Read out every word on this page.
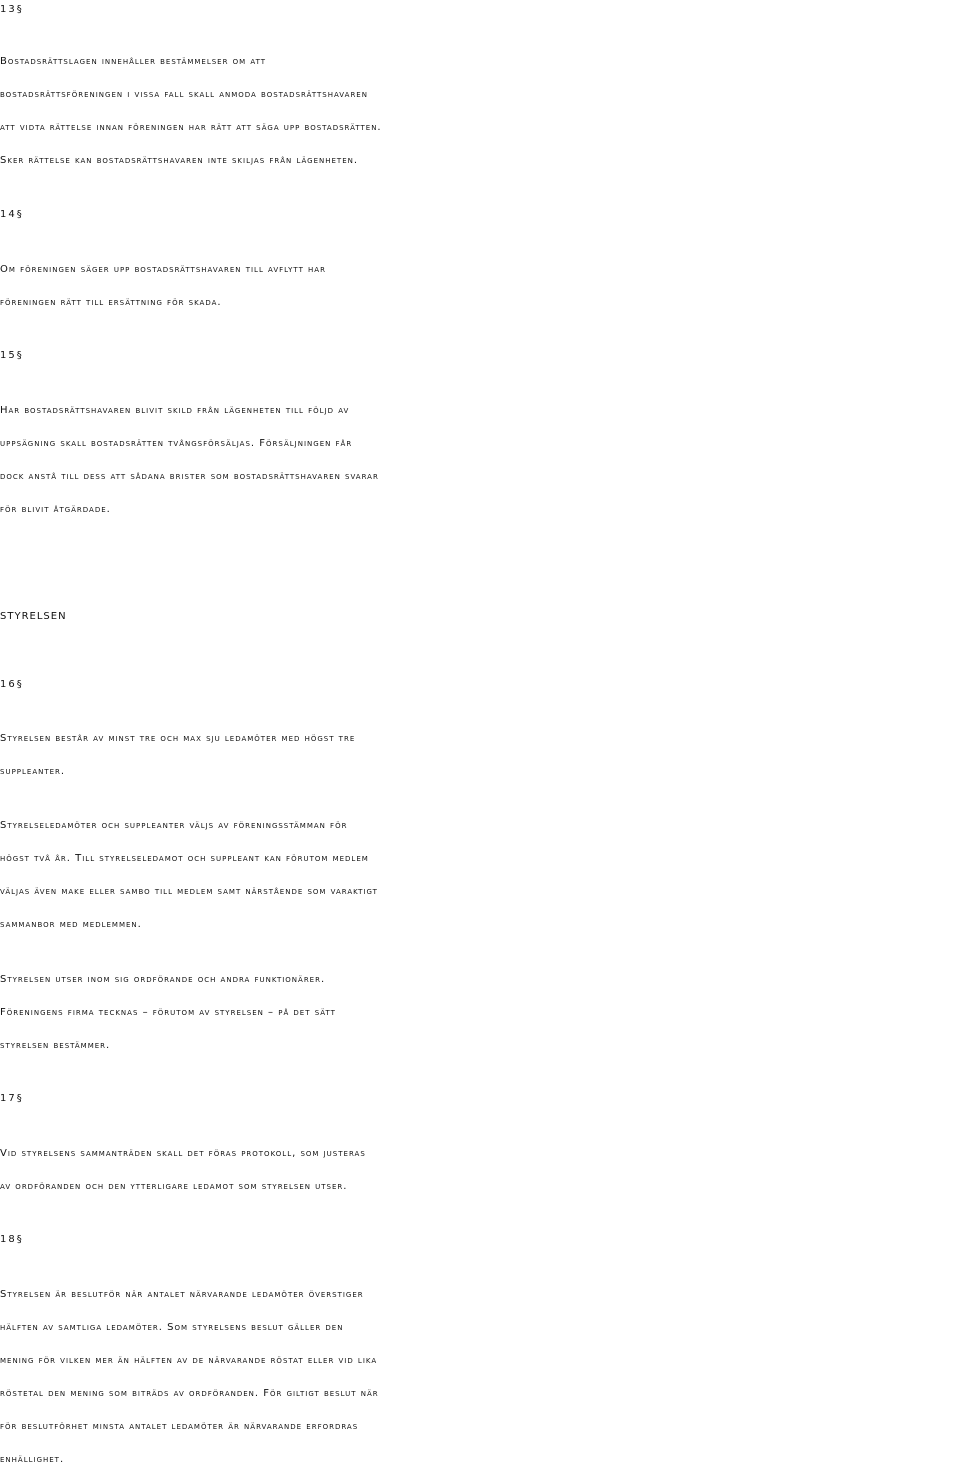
13§
Bostadsrättslagen innehåller bestämmelser om att
bostadsrättsföreningen i vissa fall skall anmoda bostadsrättshavaren
att vidta rättelse innan föreningen har rätt att säga upp bostadsrätten.
Sker rättelse kan bostadsrättshavaren inte skiljas från lägenheten.
14§
Om föreningen säger upp bostadsrättshavaren till avflytt har
föreningen rätt till ersättning för skada.
15§
Har bostadsrättshavaren blivit skild från lägenheten till följd av
uppsägning skall bostadsrätten tvångsförsäljas. Försäljningen får
dock anstå till dess att sådana brister som bostadsrättshavaren svarar
för blivit åtgärdade.
STYRELSEN
16§
Styrelsen består av minst tre och max sju ledamöter med högst tre
suppleanter.
Styrelseledamöter och suppleanter väljs av föreningsstämman för
högst två år. Till styrelseledamot och suppleant kan förutom medlem
väljas även make eller sambo till medlem samt närstående som varaktigt
sammanbor med medlemmen.
Styrelsen utser inom sig ordförande och andra funktionärer.
Föreningens firma tecknas – förutom av styrelsen – på det sätt
styrelsen bestämmer.
17§
Vid styrelsens sammanträden skall det föras protokoll, som justeras
av ordföranden och den ytterligare ledamot som styrelsen utser.
18§
Styrelsen är beslutför när antalet närvarande ledamöter överstiger
hälften av samtliga ledamöter. Som styrelsens beslut gäller den
mening för vilken mer än hälften av de närvarande röstat eller vid lika
röstetal den mening som biträds av ordföranden. För giltigt beslut när
för beslutförhet minsta antalet ledamöter är närvarande erfordras
enhällighet.
